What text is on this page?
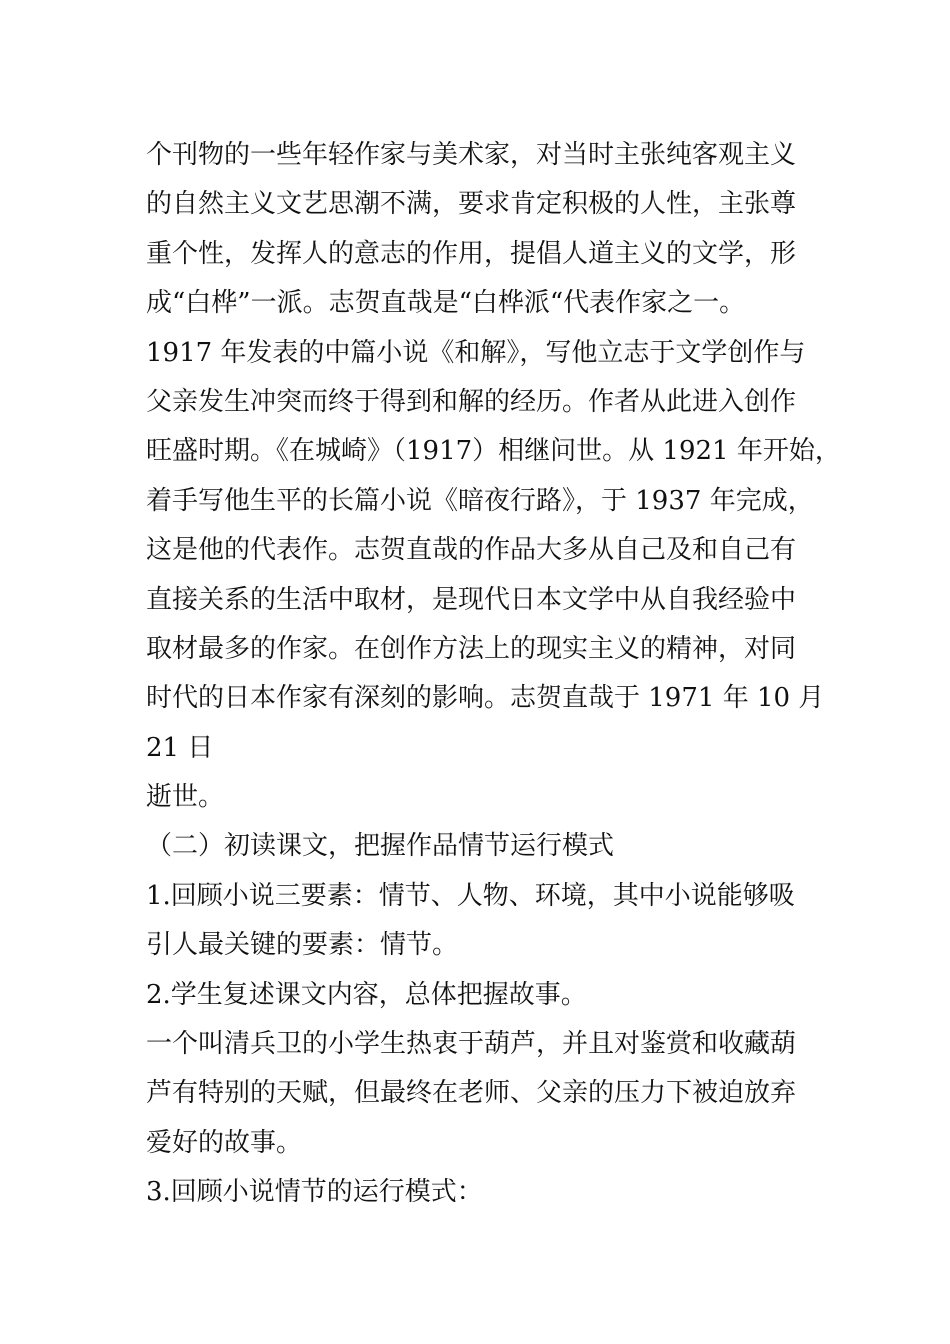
个刊物的一些年轻作家与美术家，对当时主张纯客观主义
的自然主义文艺思潮不满，要求肯定积极的人性，主张尊
重个性，发挥人的意志的作用，提倡人道主义的文学，形
成“白桦”一派。志贺直哉是“白桦派“代表作家之一。
1917 年发表的中篇小说《和解》，写他立志于文学创作与
父亲发生冲突而终于得到和解的经历。作者从此进入创作
旺盛时期。《在城崎》（1917）相继问世。从 1921 年开始，
着手写他生平的长篇小说《暗夜行路》，于 1937 年完成，
这是他的代表作。志贺直哉的作品大多从自己及和自己有
直接关系的生活中取材，是现代日本文学中从自我经验中
取材最多的作家。在创作方法上的现实主义的精神，对同
时代的日本作家有深刻的影响。志贺直哉于 1971 年 10 月
21 日
逝世。
（二）初读课文，把握作品情节运行模式
1.回顾小说三要素：情节、人物、环境，其中小说能够吸
引人最关键的要素：情节。
2.学生复述课文内容，总体把握故事。
一个叫清兵卫的小学生热衷于葫芦，并且对鉴赏和收藏葫
芦有特别的天赋，但最终在老师、父亲的压力下被迫放弃
爱好的故事。
3.回顾小说情节的运行模式：
